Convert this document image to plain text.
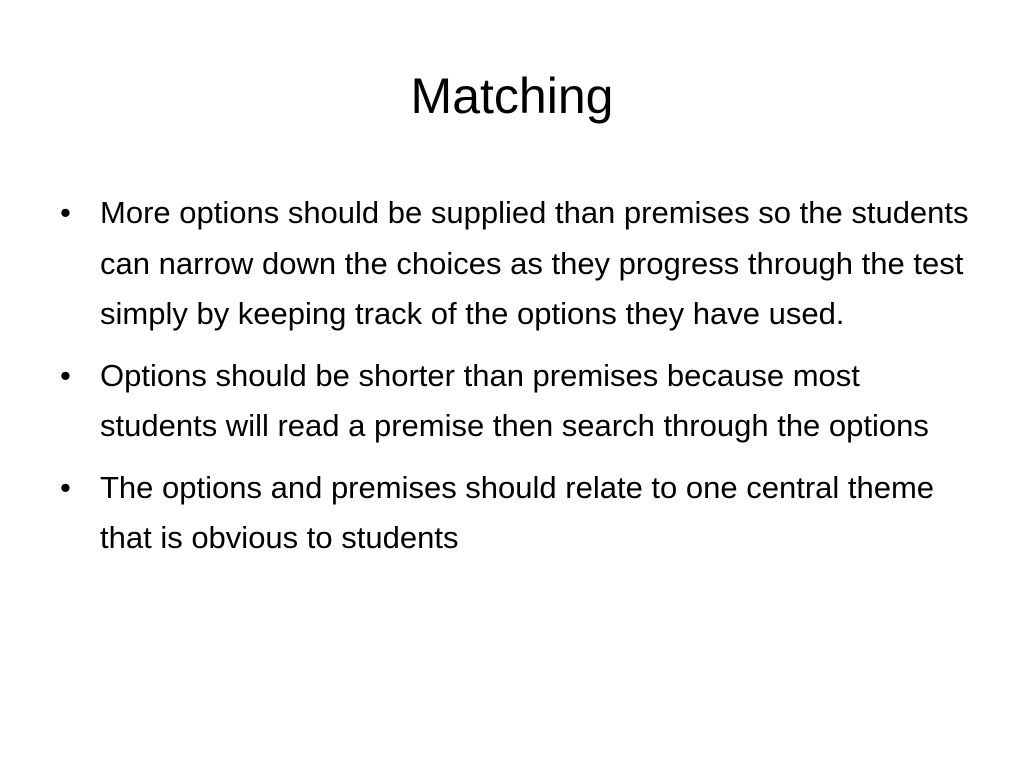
Matching
• More options should be supplied than premises so the students can narrow down the choices as they progress through the test simply by keeping track of the options they have used.
• Options should be shorter than premises because most students will read a premise then search through the options
• The options and premises should relate to one central theme that is obvious to students
